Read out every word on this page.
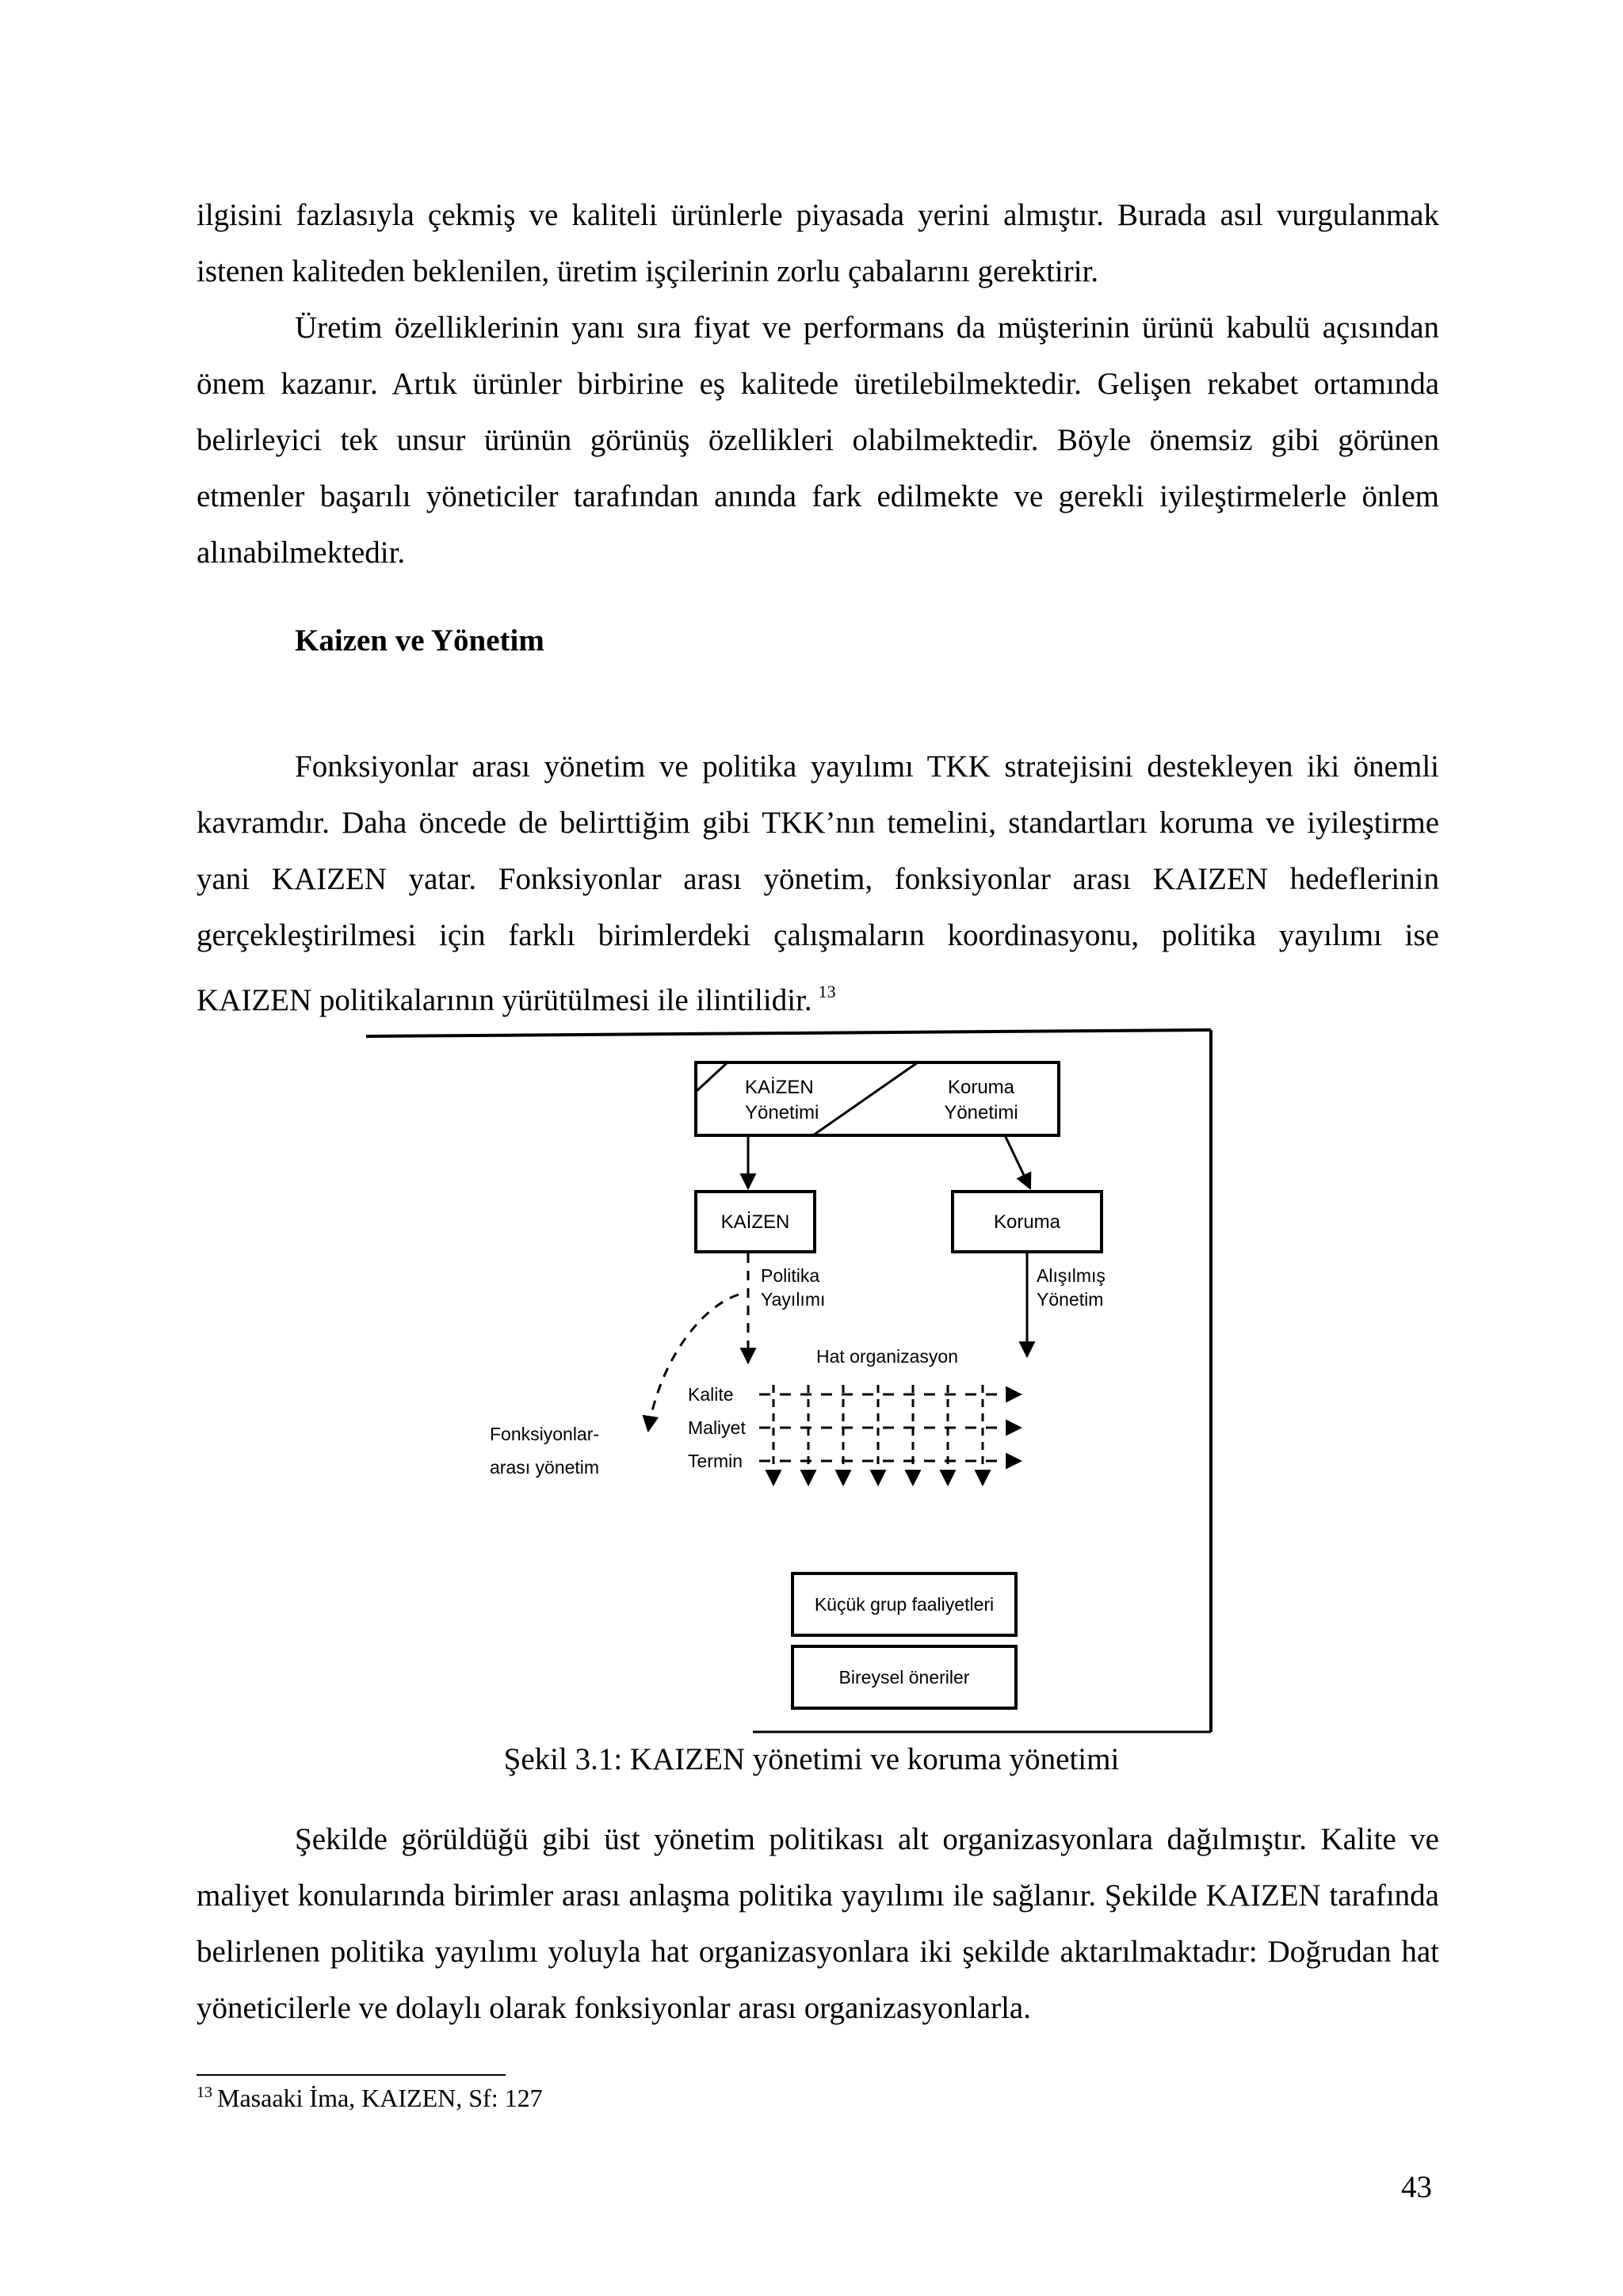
ilgisini fazlasıyla çekmiş ve kaliteli ürünlerle piyasada yerini almıştır. Burada asıl vurgulanmak istenen kaliteden beklenilen, üretim işçilerinin zorlu çabalarını gerektirir.

Üretim özelliklerinin yanı sıra fiyat ve performans da müşterinin ürünü kabulü açısından önem kazanır. Artık ürünler birbirine eş kalitede üretilebilmektedir. Gelişen rekabet ortamında belirleyici tek unsur ürünün görünüş özellikleri olabilmektedir. Böyle önemsiz gibi görünen etmenler başarılı yöneticiler tarafından anında fark edilmekte ve gerekli iyileştirmelerle önlem alınabilmektedir.

Kaizen ve Yönetim

Fonksiyonlar arası yönetim ve politika yayılımı TKK stratejisini destekleyen iki önemli kavramdır. Daha öncede de belirttiğim gibi TKK’nın temelini, standartları koruma ve iyileştirme yani KAIZEN yatar. Fonksiyonlar arası yönetim, fonksiyonlar arası KAIZEN hedeflerinin gerçekleştirilmesi için farklı birimlerdeki çalışmaların koordinasyonu, politika yayılımı ise KAIZEN politikalarının yürütülmesi ile ilintilidir. $^{13}$

KAİZEN
Yönetimi
Koruma
Yönetimi
KAİZEN	Koruma
Politika
Yayılımı
Alışılmış
Yönetim
Hat organizasyon
Kalite
Maliyet
Termin
Fonksiyonlar-
arası yönetim
Küçük grup faaliyetleri
Bireysel öneriler

Şekil 3.1: KAIZEN yönetimi ve koruma yönetimi

Şekilde görüldüğü gibi üst yönetim politikası alt organizasyonlara dağılmıştır. Kalite ve maliyet konularında birimler arası anlaşma politika yayılımı ile sağlanır. Şekilde KAIZEN tarafında belirlenen politika yayılımı yoluyla hat organizasyonlara iki şekilde aktarılmaktadır: Doğrudan hat yöneticilerle ve dolaylı olarak fonksiyonlar arası organizasyonlarla.

$^{13}$ Masaaki İma, KAIZEN, Sf: 127

43
